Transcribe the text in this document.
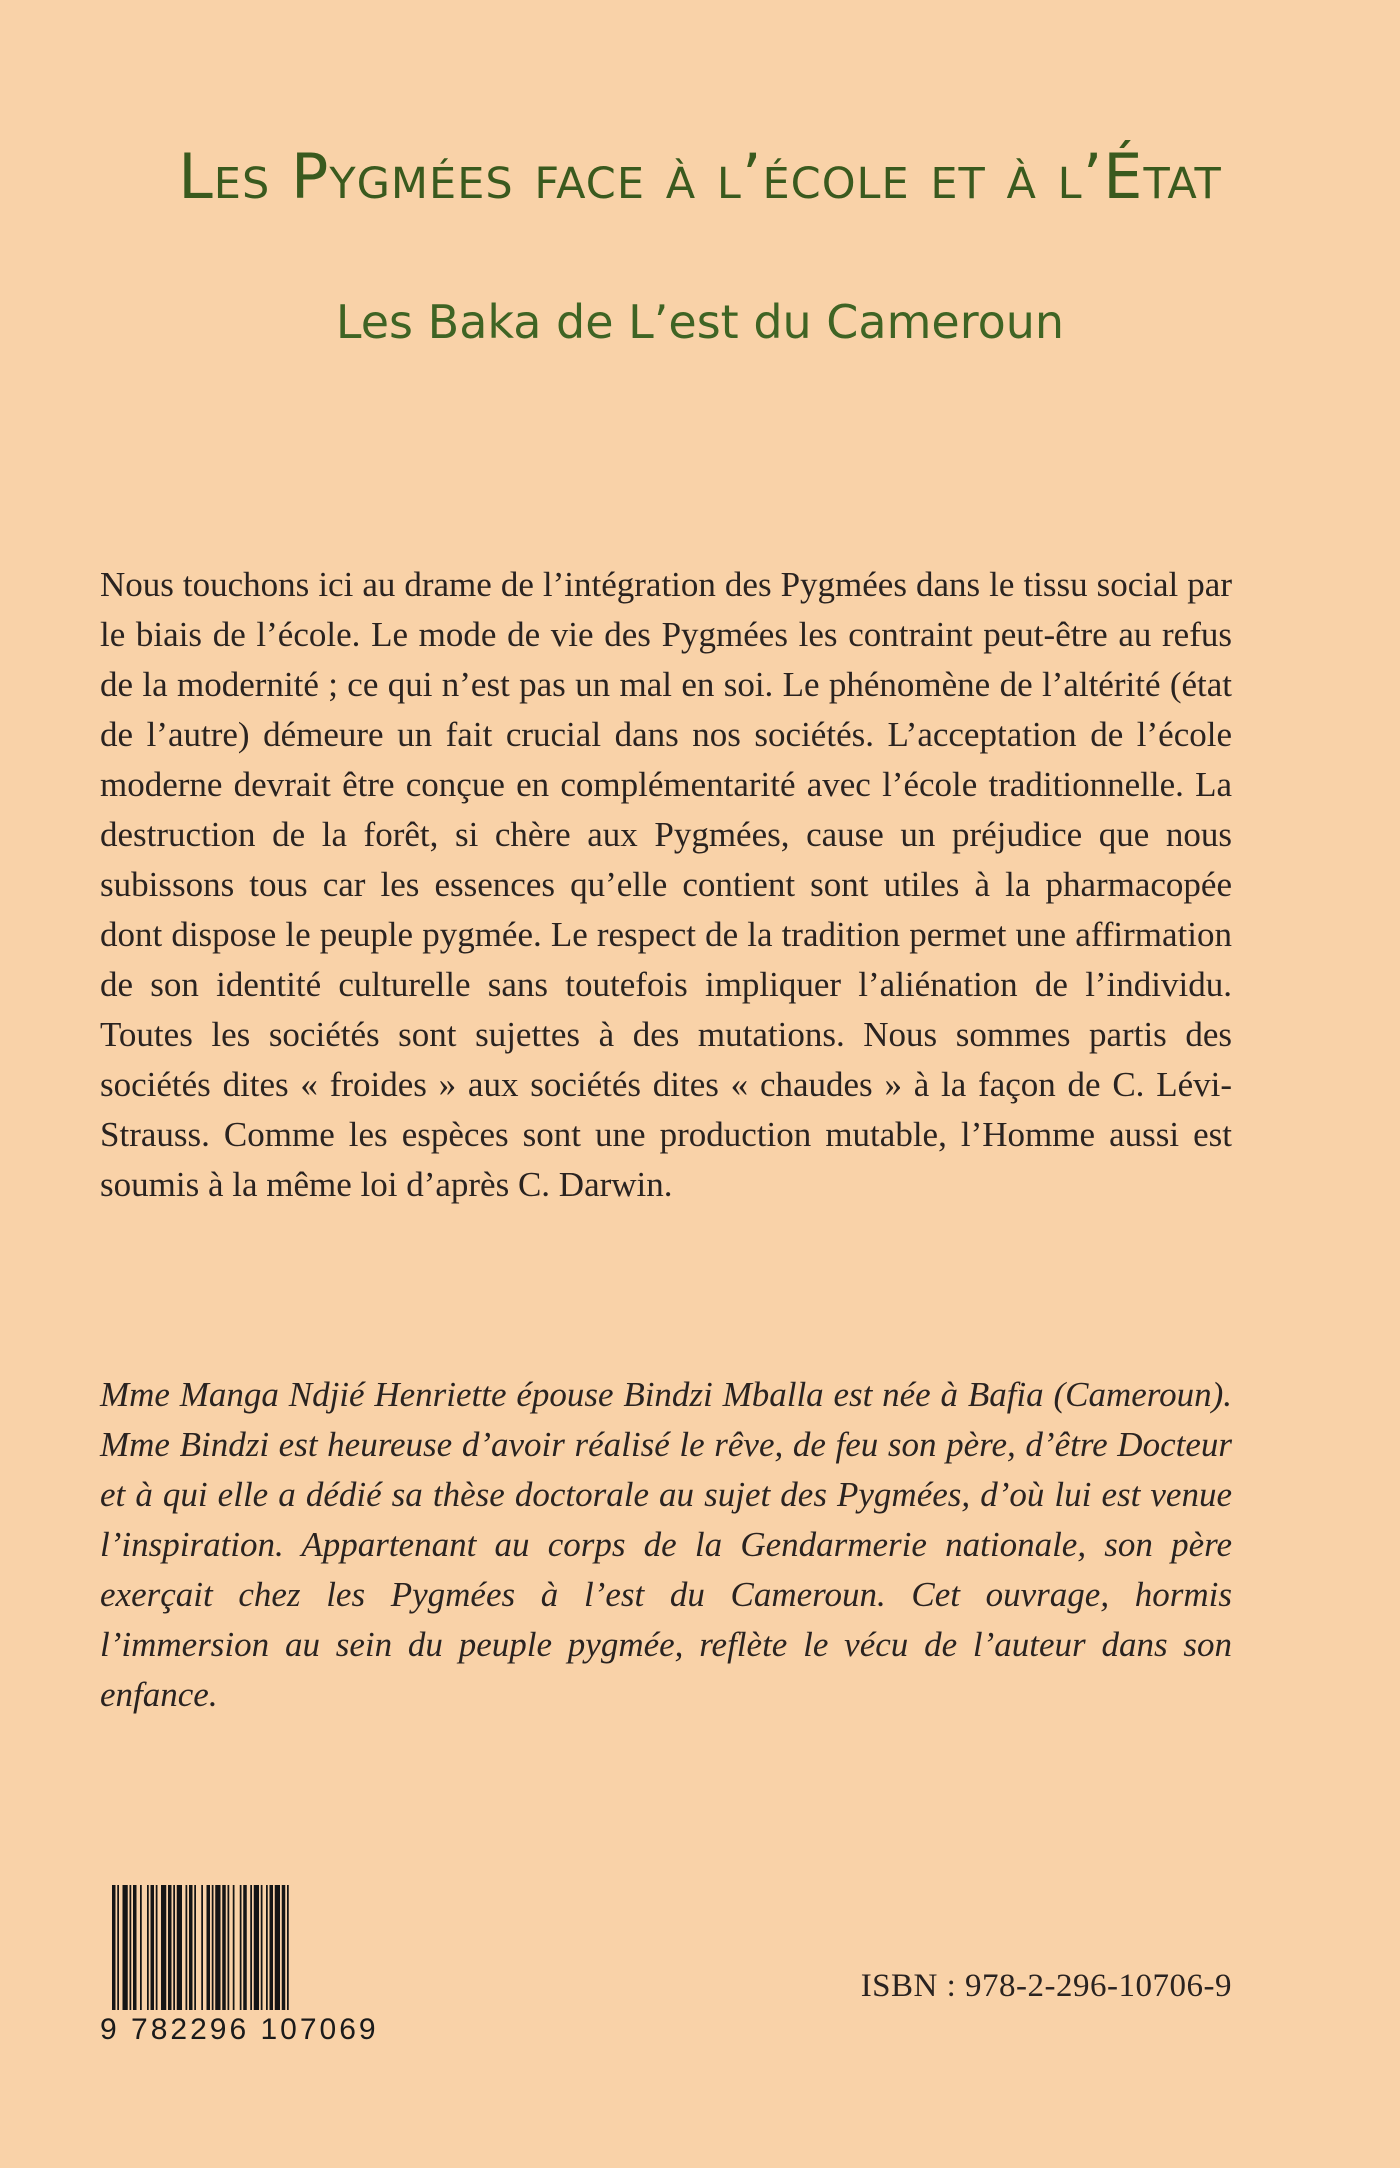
Les Pygmées face à l’école et à l’État
Les Baka de L’est du Cameroun

Nous touchons ici au drame de l’intégration des Pygmées dans le tissu social par le biais de l’école. Le mode de vie des Pygmées les contraint peut-être au refus de la modernité ; ce qui n’est pas un mal en soi. Le phénomène de l’altérité (état de l’autre) démeure un fait crucial dans nos sociétés. L’acceptation de l’école moderne devrait être conçue en complémentarité avec l’école traditionnelle. La destruction de la forêt, si chère aux Pygmées, cause un préjudice que nous subissons tous car les essences qu’elle contient sont utiles à la pharmacopée dont dispose le peuple pygmée. Le respect de la tradition permet une affirmation de son identité culturelle sans toutefois impliquer l’aliénation de l’individu. Toutes les sociétés sont sujettes à des mutations. Nous sommes partis des sociétés dites « froides » aux sociétés dites « chaudes » à la façon de C. Lévi-Strauss. Comme les espèces sont une production mutable, l’Homme aussi est soumis à la même loi d’après C. Darwin.

Mme Manga Ndjié Henriette épouse Bindzi Mballa est née à Bafia (Cameroun). Mme Bindzi est heureuse d’avoir réalisé le rêve, de feu son père, d’être Docteur et à qui elle a dédié sa thèse doctorale au sujet des Pygmées, d’où lui est venue l’inspiration. Appartenant au corps de la Gendarmerie nationale, son père exerçait chez les Pygmées à l’est du Cameroun. Cet ouvrage, hormis l’immersion au sein du peuple pygmée, reflète le vécu de l’auteur dans son enfance.

9 782296 107069
ISBN : 978-2-296-10706-9
